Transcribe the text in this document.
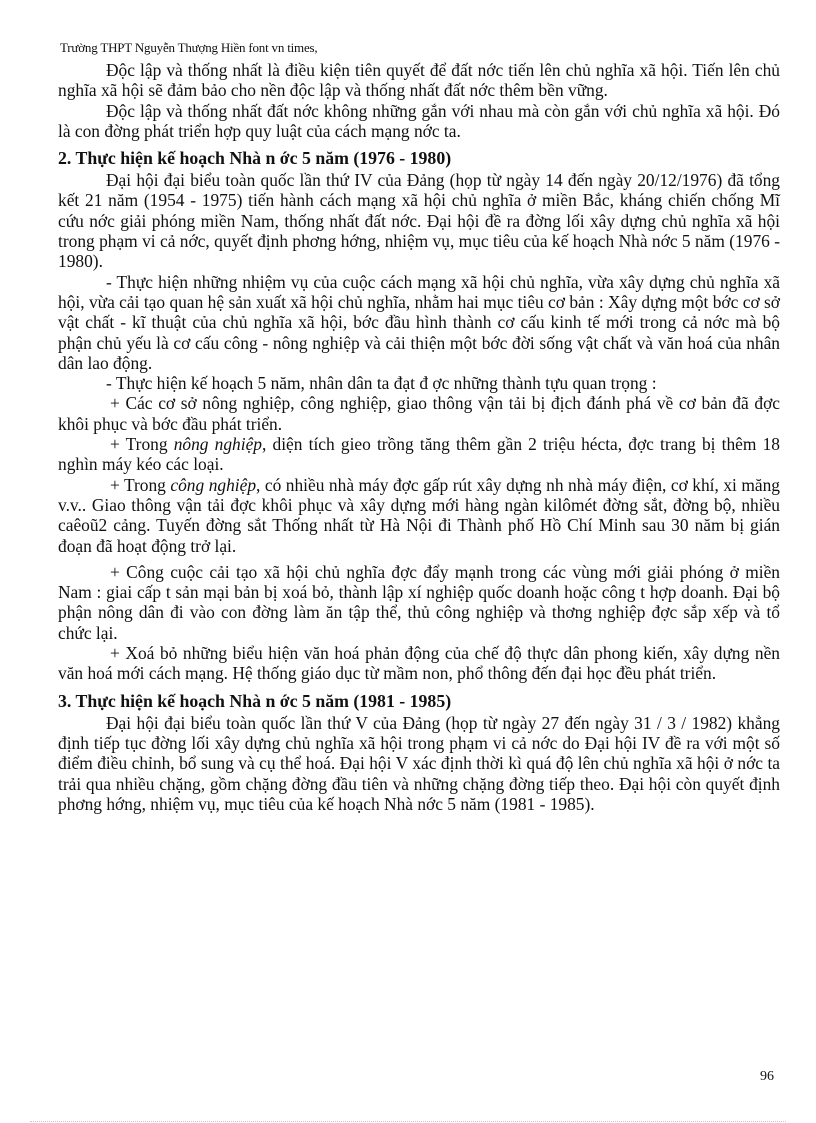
Trường THPT Nguyễn Thượng Hiền font vn times,

Độc lập và thống nhất là điều kiện tiên quyết để đất nớc tiến lên chủ nghĩa xã hội. Tiến lên chủ nghĩa xã hội sẽ đảm bảo cho nền độc lập và thống nhất đất nớc thêm bền vững.

Độc lập và thống nhất đất nớc không những gắn với nhau mà còn gắn với chủ nghĩa xã hội. Đó là con đờng phát triển hợp quy luật của cách mạng nớc ta.

2. Thực hiện kế hoạch Nhà n ớc 5 năm (1976 - 1980)

Đại hội đại biểu toàn quốc lần thứ IV của Đảng (họp từ ngày 14 đến ngày 20/12/1976) đã tổng kết 21 năm (1954 - 1975) tiến hành cách mạng xã hội chủ nghĩa ở miền Bắc, kháng chiến chống Mĩ cứu nớc giải phóng miền Nam, thống nhất đất nớc. Đại hội đề ra đờng lối xây dựng chủ nghĩa xã hội trong phạm vi cả nớc, quyết định phơng hớng, nhiệm vụ, mục tiêu của kế hoạch Nhà nớc 5 năm (1976 - 1980).

- Thực hiện những nhiệm vụ của cuộc cách mạng xã hội chủ nghĩa, vừa xây dựng chủ nghĩa xã hội, vừa cải tạo quan hệ sản xuất xã hội chủ nghĩa, nhằm hai mục tiêu cơ bản : Xây dựng một bớc cơ sở vật chất - kĩ thuật của chủ nghĩa xã hội, bớc đầu hình thành cơ cấu kinh tế mới trong cả nớc mà bộ phận chủ yếu là cơ cấu công - nông nghiệp và cải thiện một bớc đời sống vật chất và văn hoá của nhân dân lao động.

- Thực hiện kế hoạch 5 năm, nhân dân ta đạt đ ợc những thành tựu quan trọng :

+ Các cơ sở nông nghiệp, công nghiệp, giao thông vận tải bị địch đánh phá về cơ bản đã đợc khôi phục và bớc đầu phát triển.

+ Trong nông nghiệp, diện tích gieo trồng tăng thêm gần 2 triệu hécta, đợc trang bị thêm 18 nghìn máy kéo các loại.

+ Trong công nghiệp, có nhiều nhà máy đợc gấp rút xây dựng nh nhà máy điện, cơ khí, xi măng v.v.. Giao thông vận tải đợc khôi phục và xây dựng mới hàng ngàn kilômét đờng sắt, đờng bộ, nhiều caêoũ2 cảng. Tuyến đờng sắt Thống nhất từ Hà Nội đi Thành phố Hồ Chí Minh sau 30 năm bị gián đoạn đã hoạt động trở lại.

+ Công cuộc cải tạo xã hội chủ nghĩa đợc đẩy mạnh trong các vùng mới giải phóng ở miền Nam : giai cấp t sản mại bản bị xoá bỏ, thành lập xí nghiệp quốc doanh hoặc công t hợp doanh. Đại bộ phận nông dân đi vào con đờng làm ăn tập thể, thủ công nghiệp và thơng nghiệp đợc sắp xếp và tổ chức lại.

+ Xoá bỏ những biểu hiện văn hoá phản động của chế độ thực dân phong kiến, xây dựng nền văn hoá mới cách mạng. Hệ thống giáo dục từ mầm non, phổ thông đến đại học đều phát triển.

3. Thực hiện kế hoạch Nhà n ớc 5 năm (1981 - 1985)

Đại hội đại biểu toàn quốc lần thứ V của Đảng (họp từ ngày 27 đến ngày 31 / 3 / 1982) khẳng định tiếp tục đờng lối xây dựng chủ nghĩa xã hội trong phạm vi cả nớc do Đại hội IV đề ra với một số điểm điều chỉnh, bổ sung và cụ thể hoá. Đại hội V xác định thời kì quá độ lên chủ nghĩa xã hội ở nớc ta trải qua nhiều chặng, gồm chặng đờng đầu tiên và những chặng đờng tiếp theo. Đại hội còn quyết định phơng hớng, nhiệm vụ, mục tiêu của kế hoạch Nhà nớc 5 năm (1981 - 1985).

96
